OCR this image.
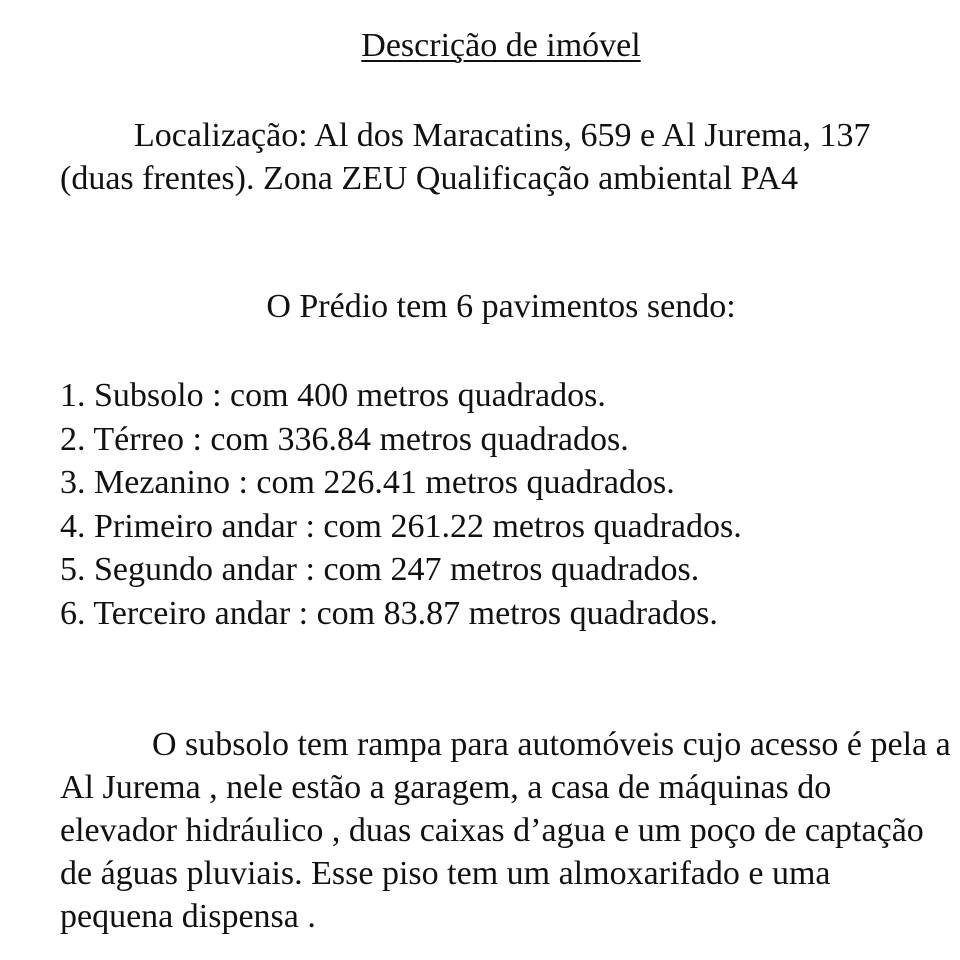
Descrição de imóvel
Localização: Al dos Maracatins, 659 e Al Jurema, 137 (duas frentes). Zona ZEU Qualificação ambiental PA4
O Prédio tem 6 pavimentos sendo:
1. Subsolo : com 400 metros quadrados.
2. Térreo : com 336.84 metros quadrados.
3. Mezanino : com 226.41 metros quadrados.
4. Primeiro andar : com 261.22 metros quadrados.
5. Segundo andar : com 247 metros quadrados.
6. Terceiro andar : com 83.87 metros quadrados.
O subsolo tem rampa para automóveis cujo acesso é pela a Al Jurema , nele estão a garagem, a casa de máquinas do elevador hidráulico , duas caixas d’agua e um poço de captação de águas pluviais. Esse piso tem um almoxarifado e uma pequena dispensa .
